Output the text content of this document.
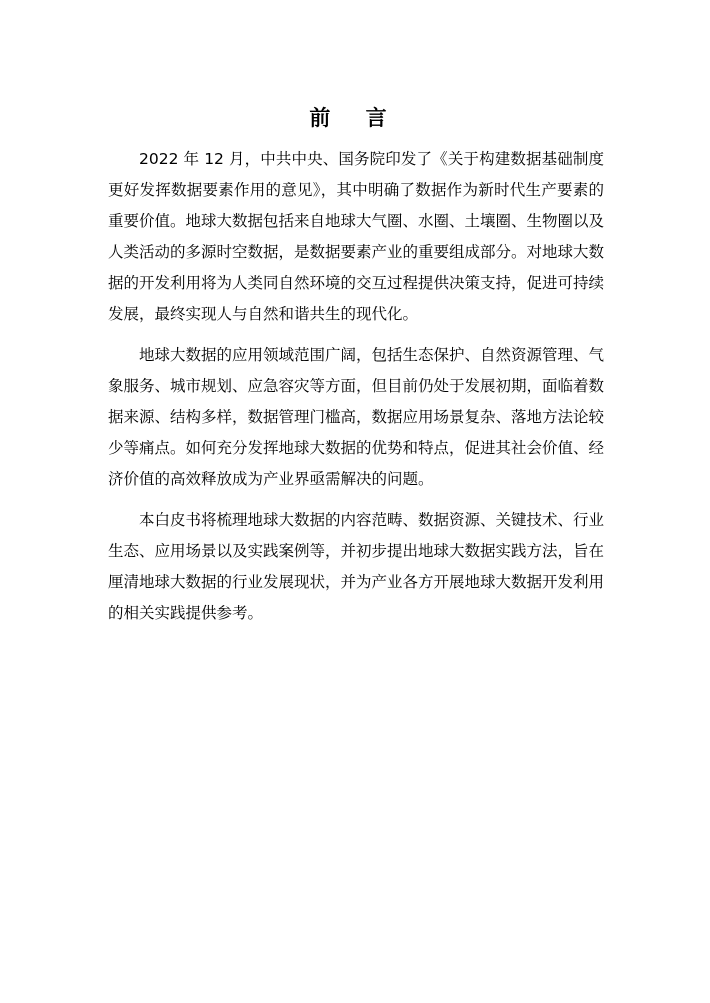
前 言

2022 年 12 月，中共中央、国务院印发了《关于构建数据基础制度 更好发挥数据要素作用的意见》，其中明确了数据作为新时代生产要素的重要价值。地球大数据包括来自地球大气圈、水圈、土壤圈、生物圈以及人类活动的多源时空数据，是数据要素产业的重要组成部分。对地球大数据的开发利用将为人类同自然环境的交互过程提供决策支持，促进可持续发展，最终实现人与自然和谐共生的现代化。

地球大数据的应用领域范围广阔，包括生态保护、自然资源管理、气象服务、城市规划、应急容灾等方面，但目前仍处于发展初期，面临着数据来源、结构多样，数据管理门槛高，数据应用场景复杂、落地方法论较少等痛点。如何充分发挥地球大数据的优势和特点，促进其社会价值、经济价值的高效释放成为产业界亟需解决的问题。

本白皮书将梳理地球大数据的内容范畴、数据资源、关键技术、行业生态、应用场景以及实践案例等，并初步提出地球大数据实践方法，旨在厘清地球大数据的行业发展现状，并为产业各方开展地球大数据开发利用的相关实践提供参考。
